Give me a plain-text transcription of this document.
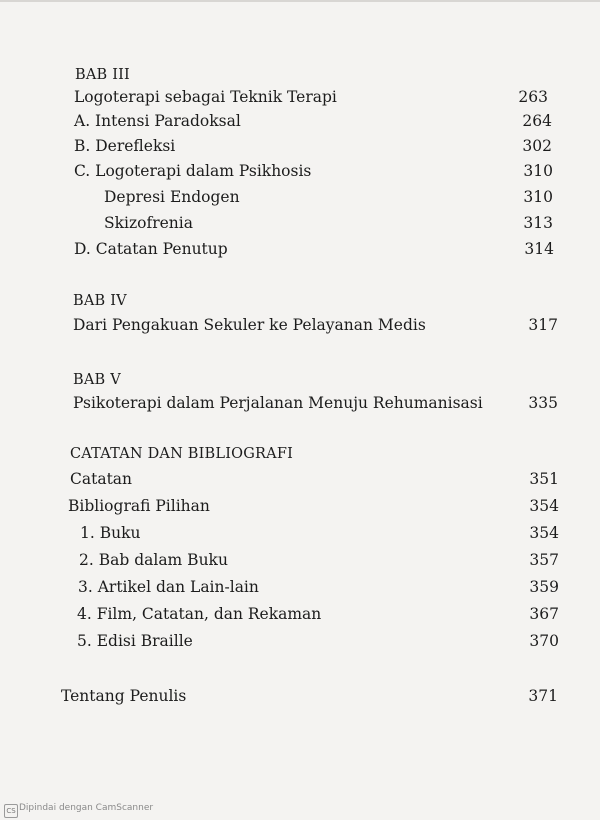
BAB III
Logoterapi sebagai Teknik Terapi	263
A. Intensi Paradoksal	264
B. Derefleksi	302
C. Logoterapi dalam Psikhosis	310
Depresi Endogen	310
Skizofrenia	313
D. Catatan Penutup	314
BAB IV
Dari Pengakuan Sekuler ke Pelayanan Medis	317
BAB V
Psikoterapi dalam Perjalanan Menuju Rehumanisasi	335
CATATAN DAN BIBLIOGRAFI
Catatan	351
Bibliografi Pilihan	354
1. Buku	354
2. Bab dalam Buku	357
3. Artikel dan Lain-lain	359
4. Film, Catatan, dan Rekaman	367
5. Edisi Braille	370
Tentang Penulis	371
CS Dipindai dengan CamScanner
